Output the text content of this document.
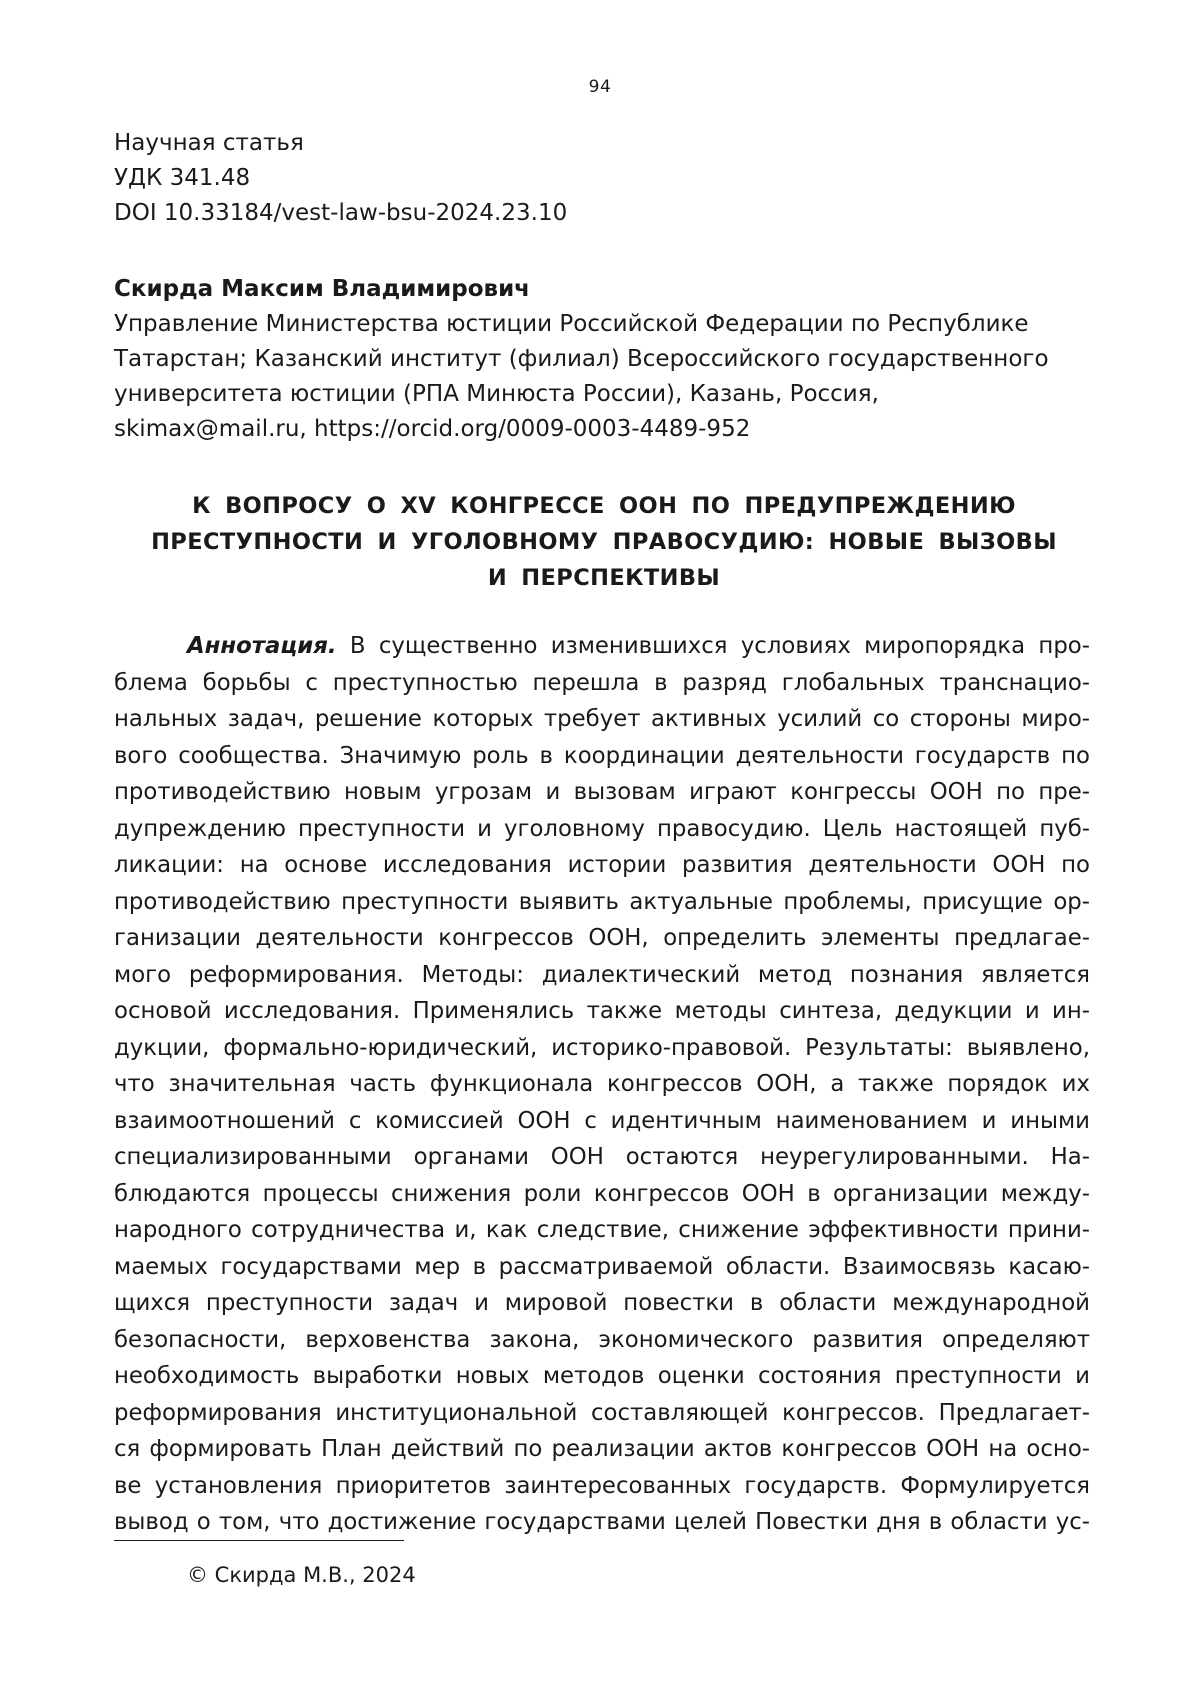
94
Научная статья
УДК 341.48
DOI 10.33184/vest-law-bsu-2024.23.10
Скирда Максим Владимирович
Управление Министерства юстиции Российской Федерации по Республике
Татарстан; Казанский институт (филиал) Всероссийского государственного
университета юстиции (РПА Минюста России), Казань, Россия,
skimax@mail.ru, https://orcid.org/0009-0003-4489-952
К ВОПРОСУ О XV КОНГРЕССЕ ООН ПО ПРЕДУПРЕЖДЕНИЮ
ПРЕСТУПНОСТИ И УГОЛОВНОМУ ПРАВОСУДИЮ: НОВЫЕ ВЫЗОВЫ
И ПЕРСПЕКТИВЫ
Аннотация. В существенно изменившихся условиях миропорядка про-
блема борьбы с преступностью перешла в разряд глобальных транснацио-
нальных задач, решение которых требует активных усилий со стороны миро-
вого сообщества. Значимую роль в координации деятельности государств по
противодействию новым угрозам и вызовам играют конгрессы ООН по пре-
дупреждению преступности и уголовному правосудию. Цель настоящей пуб-
ликации: на основе исследования истории развития деятельности ООН по
противодействию преступности выявить актуальные проблемы, присущие ор-
ганизации деятельности конгрессов ООН, определить элементы предлагае-
мого реформирования. Методы: диалектический метод познания является
основой исследования. Применялись также методы синтеза, дедукции и ин-
дукции, формально-юридический, историко-правовой. Результаты: выявлено,
что значительная часть функционала конгрессов ООН, а также порядок их
взаимоотношений с комиссией ООН с идентичным наименованием и иными
специализированными органами ООН остаются неурегулированными. На-
блюдаются процессы снижения роли конгрессов ООН в организации между-
народного сотрудничества и, как следствие, снижение эффективности прини-
маемых государствами мер в рассматриваемой области. Взаимосвязь касаю-
щихся преступности задач и мировой повестки в области международной
безопасности, верховенства закона, экономического развития определяют
необходимость выработки новых методов оценки состояния преступности и
реформирования институциональной составляющей конгрессов. Предлагает-
ся формировать План действий по реализации актов конгрессов ООН на осно-
ве установления приоритетов заинтересованных государств. Формулируется
вывод о том, что достижение государствами целей Повестки дня в области ус-
© Скирда М.В., 2024
